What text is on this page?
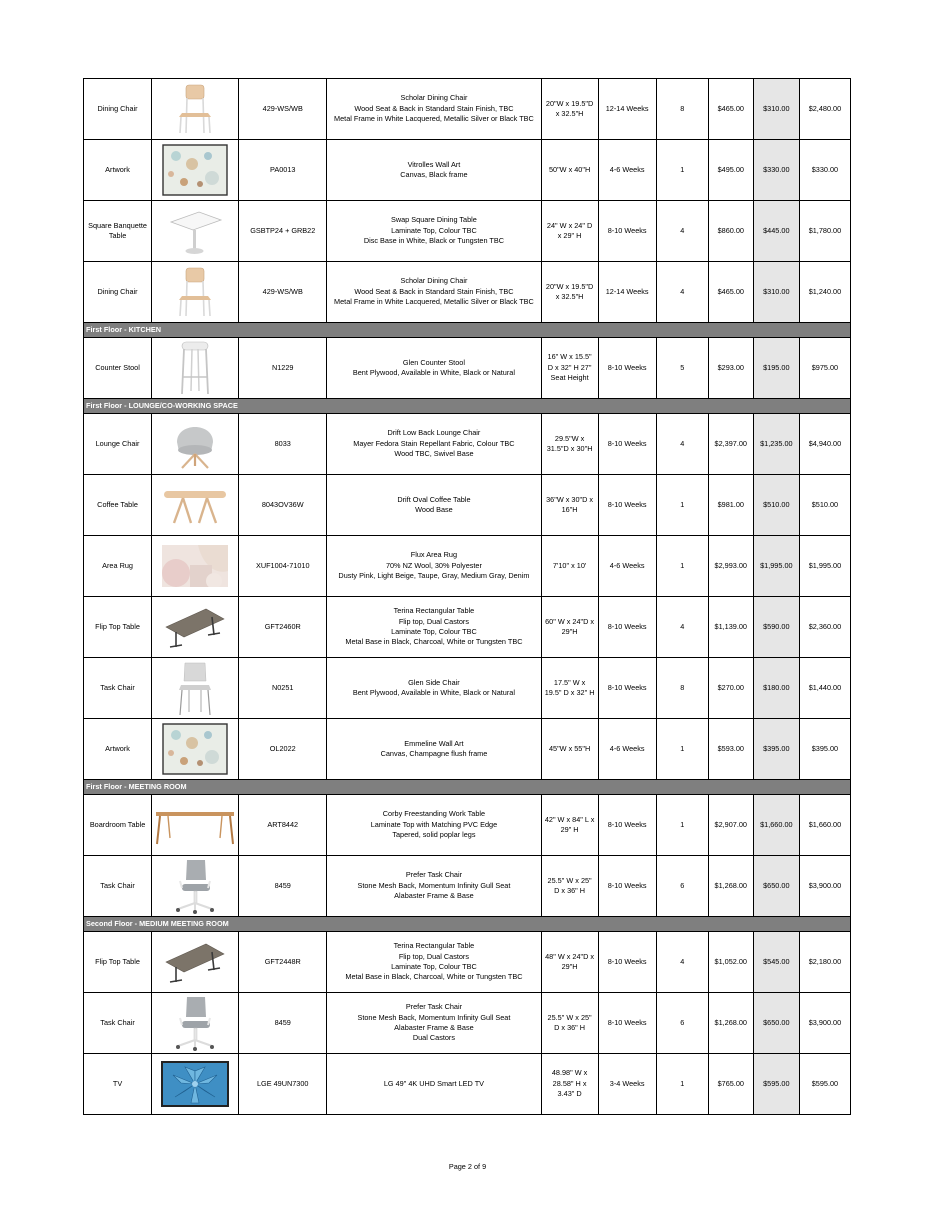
Dining Chair		429-WS/WB	Scholar Dining Chair
Wood Seat & Back in Standard Stain Finish, TBC
Metal Frame in White Lacquered, Metallic Silver or Black TBC	20"W x 19.5"D x 32.5"H	12-14 Weeks	8	$465.00	$310.00	$2,480.00
Artwork		PA0013	Vitrolles Wall Art
Canvas, Black frame	50"W x 40"H	4-6 Weeks	1	$495.00	$330.00	$330.00
Square Banquette Table		GSBTP24 + GRB22	Swap Square Dining Table
Laminate Top, Colour TBC
Disc Base in White, Black or Tungsten TBC	24" W x 24" D x 29" H	8-10 Weeks	4	$860.00	$445.00	$1,780.00
Dining Chair		429-WS/WB	Scholar Dining Chair
Wood Seat & Back in Standard Stain Finish, TBC
Metal Frame in White Lacquered, Metallic Silver or Black TBC	20"W x 19.5"D x 32.5"H	12-14 Weeks	4	$465.00	$310.00	$1,240.00
First Floor - KITCHEN									
Counter Stool		N1229	Glen Counter Stool
Bent Plywood, Available in White, Black or Natural	16" W x 15.5" D x 32" H 27" Seat Height	8-10 Weeks	5	$293.00	$195.00	$975.00
First Floor - LOUNGE/CO-WORKING SPACE									
Lounge Chair		8033	Drift Low Back Lounge Chair
Mayer Fedora Stain Repellant Fabric, Colour TBC
Wood TBC, Swivel Base	29.5"W x 31.5"D x 30"H	8-10 Weeks	4	$2,397.00	$1,235.00	$4,940.00
Coffee Table		8043OV36W	Drift Oval Coffee Table
Wood Base	36"W x 30"D x 16"H	8-10 Weeks	1	$981.00	$510.00	$510.00
Area Rug		XUF1004-71010	Flux Area Rug
70% NZ Wool, 30% Polyester
Dusty Pink, Light Beige, Taupe, Gray, Medium Gray, Denim	7'10" x 10'	4-6 Weeks	1	$2,993.00	$1,995.00	$1,995.00
Flip Top Table		GFT2460R	Terina Rectangular Table
Flip top, Dual Castors
Laminate Top, Colour TBC
Metal Base in Black, Charcoal, White or Tungsten TBC	60" W x 24"D x 29"H	8-10 Weeks	4	$1,139.00	$590.00	$2,360.00
Task Chair		N0251	Glen Side Chair
Bent Plywood, Available in White, Black or Natural	17.5" W x 19.5" D x 32" H	8-10 Weeks	8	$270.00	$180.00	$1,440.00
Artwork		OL2022	Emmeline Wall Art
Canvas, Champagne flush frame	45"W x 55"H	4-6 Weeks	1	$593.00	$395.00	$395.00
First Floor - MEETING ROOM									
Boardroom Table		ART8442	Corby Freestanding Work Table
Laminate Top with Matching PVC Edge
Tapered, solid poplar legs	42" W x 84" L x 29" H	8-10 Weeks	1	$2,907.00	$1,660.00	$1,660.00
Task Chair		8459	Prefer Task Chair
Stone Mesh Back, Momentum Infinity Gull Seat
Alabaster Frame & Base	25.5" W x 25" D x 36" H	8-10 Weeks	6	$1,268.00	$650.00	$3,900.00
Second Floor - MEDIUM MEETING ROOM									
Flip Top Table		GFT2448R	Terina Rectangular Table
Flip top, Dual Castors
Laminate Top, Colour TBC
Metal Base in Black, Charcoal, White or Tungsten TBC	48" W x 24"D x 29"H	8-10 Weeks	4	$1,052.00	$545.00	$2,180.00
Task Chair		8459	Prefer Task Chair
Stone Mesh Back, Momentum Infinity Gull Seat
Alabaster Frame & Base
Dual Castors	25.5" W x 25" D x 36" H	8-10 Weeks	6	$1,268.00	$650.00	$3,900.00
TV		LGE 49UN7300	LG 49" 4K UHD Smart LED TV	48.98" W x 28.58" H x 3.43" D	3-4 Weeks	1	$765.00	$595.00	$595.00
Page 2 of 9
